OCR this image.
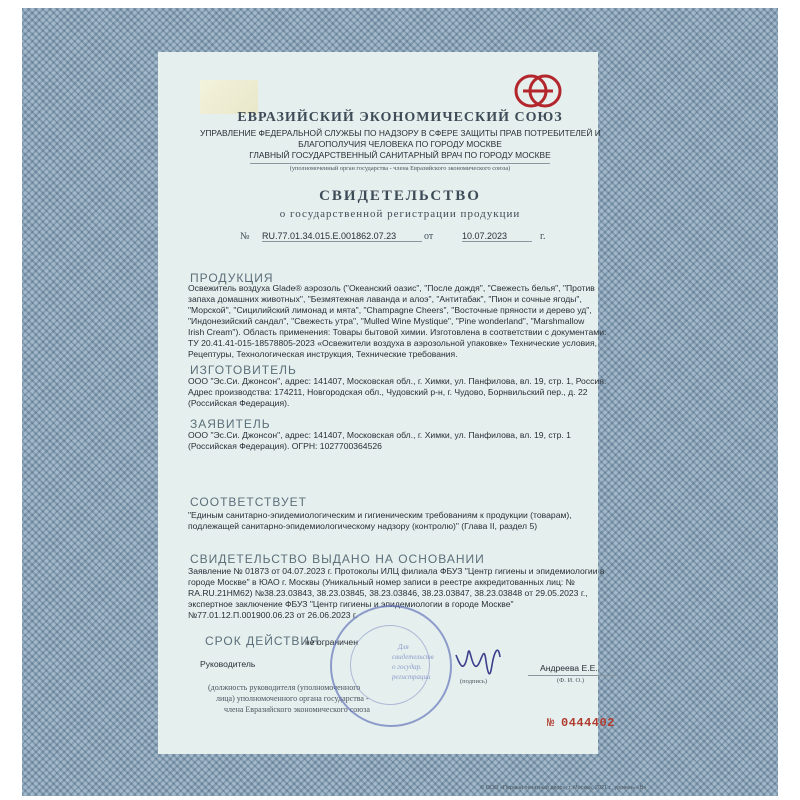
ЕВРАЗИЙСКИЙ ЭКОНОМИЧЕСКИЙ СОЮЗ
УПРАВЛЕНИЕ ФЕДЕРАЛЬНОЙ СЛУЖБЫ ПО НАДЗОРУ В СФЕРЕ ЗАЩИТЫ ПРАВ ПОТРЕБИТЕЛЕЙ И
БЛАГОПОЛУЧИЯ ЧЕЛОВЕКА ПО ГОРОДУ МОСКВЕ
ГЛАВНЫЙ ГОСУДАРСТВЕННЫЙ САНИТАРНЫЙ ВРАЧ ПО ГОРОДУ МОСКВЕ
(уполномоченный орган государства - члена Евразийского экономического союза)
СВИДЕТЕЛЬСТВО
о государственной регистрации продукции
№ RU.77.01.34.015.Е.001862.07.23	от	10.07.2023	г.
ПРОДУКЦИЯ
Освежитель воздуха Glade® аэрозоль ("Океанский оазис", "После дождя", "Свежесть белья", "Против
запаха домашних животных", "Безмятежная лаванда и алоэ", "Антитабак", "Пион и сочные ягоды",
"Морской", "Сицилийский лимонад и мята", "Champagne Cheers", "Восточные пряности и дерево уд",
"Индонезийский сандал", "Свежесть утра", "Mulled Wine Mystique", "Pine wonderland", "Marshmallow
Irish Cream"). Область применения: Товары бытовой химии. Изготовлена в соответствии с документами:
ТУ 20.41.41-015-18578805-2023 «Освежители воздуха в аэрозольной упаковке» Технические условия,
Рецептуры, Технологическая инструкция, Технические требования.
ИЗГОТОВИТЕЛЬ
ООО "Эс.Си. Джонсон", адрес: 141407, Московская обл., г. Химки, ул. Панфилова, вл. 19, стр. 1, Россия.
Адрес производства: 174211, Новгородская обл., Чудовский р-н, г. Чудово, Борнвильский пер., д. 22
(Российская Федерация).
ЗАЯВИТЕЛЬ
ООО "Эс.Си. Джонсон", адрес: 141407, Московская обл., г. Химки, ул. Панфилова, вл. 19, стр. 1
(Российская Федерация). ОГРН: 1027700364526
СООТВЕТСТВУЕТ
"Единым санитарно-эпидемиологическим и гигиеническим требованиям к продукции (товарам),
подлежащей санитарно-эпидемиологическому надзору (контролю)" (Глава II, раздел 5)
СВИДЕТЕЛЬСТВО ВЫДАНО НА ОСНОВАНИИ
Заявление № 01873 от 04.07.2023 г. Протоколы ИЛЦ филиала ФБУЗ "Центр гигиены и эпидемиологии в
городе Москве" в ЮАО г. Москвы (Уникальный номер записи в реестре аккредитованных лиц: №
RA.RU.21НМ62) №38.23.03843, 38.23.03845, 38.23.03846, 38.23.03847, 38.23.03848 от 29.05.2023 г.,
экспертное заключение ФБУЗ "Центр гигиены и эпидемиологии в городе Москве"
№77.01.12.П.001900.06.23 от 26.06.2023 г.
СРОК ДЕЙСТВИЯ
не ограничен
Руководитель	Андреева Е.Е.
(Ф. И. О.)
(подпись)
(должность руководителя (уполномоченного
лица) уполномоченного органа государства -
члена Евразийского экономического союза
Для
свидетельств
о государ.
регистрации
№ 0444402
© ООО «Первый печатный двор», г. Москва, 2021 г., уровень «В»
